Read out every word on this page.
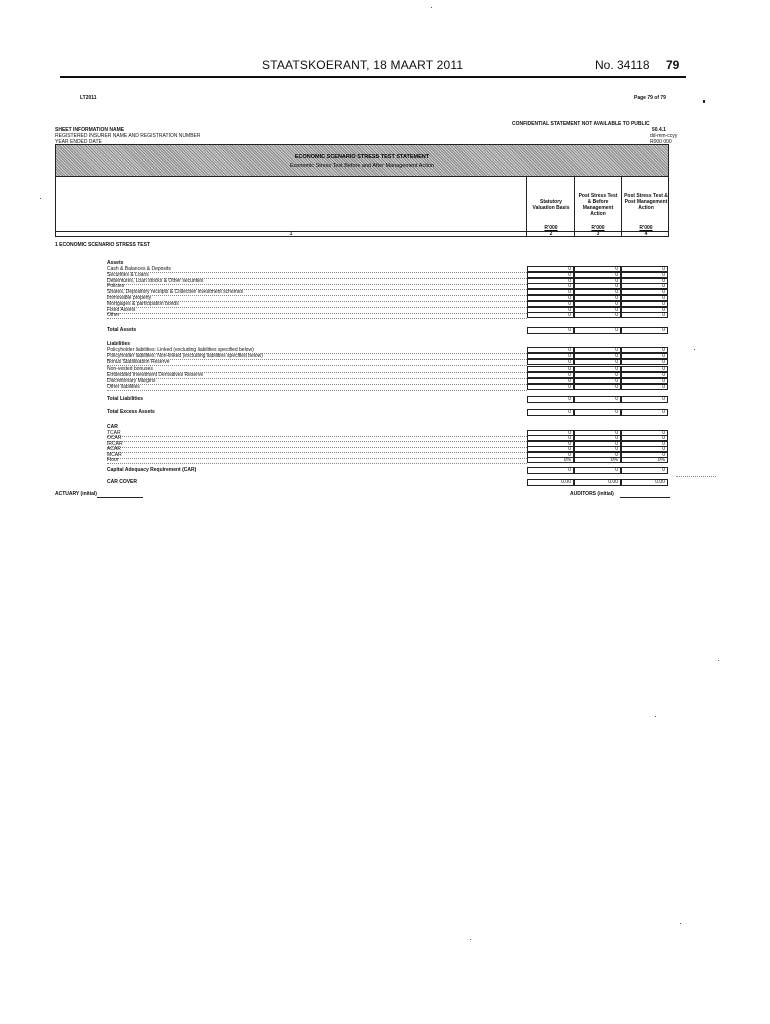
STAATSKOERANT, 18 MAART 2011	No. 34118 79
LT2011	Page 79 of 79
CONFIDENTIAL STATEMENT NOT AVAILABLE TO PUBLIC
50.4.1
dd-mm-ccyy
R000 000
SHEET INFORMATION NAME
REGISTERED INSURER NAME AND REGISTRATION NUMBER
YEAR ENDED DATE
ECONOMIC SCENARIO STRESS TEST STATEMENT
Economic Stress Test Before and After Management Action
Statutory Valuation Basis
Post Stress Test & Before Management Action
Post Stress Test & Post Management Action
R'000	R'000	R'000
1	2	3	4
1 ECONOMIC SCENARIO STRESS TEST
Assets
Cash & Balances & Deposits	0	0	0
Securities & Loans	0	0	0
Debentures, Loan stocks & Other securities	0	0	0
Policies	0	0	0
Shares, Depository receipts & Collective investment schemes	0	0	0
Immovable property	0	0	0
Mortgages & participation bonds	0	0	0
Fixed Assets	0	0	0
Other	0	0	0
Total Assets	0	0	0
Liabilities
Policyholder liabilities: Linked (excluding liabilities specified below)	0	0	0
Policyholder liabilities: Non-linked (excluding liabilities specified below)	0	0	0
Bonus Stabilisation Reserve	0	0	0
Non-vested bonuses	0	0	0
Embedded Investment Derivatives Reserve	0	0	0
Discretionary Margins	0	0	0
Other liabilities	0	0	0
Total Liabilities	0	0	0
Total Excess Assets	0	0	0
CAR
TCAR	0	0	0
OCAR	0	0	0
IRCAR	0	0	0
ACAR	0	0	0
MCAR	0	0	0
Floor	0%	0%	0%
Capital Adequacy Requirement (CAR)	0	0	0
CAR COVER	0.00	0.00	0.00
ACTUARY (initial)	AUDITORS (initial)
